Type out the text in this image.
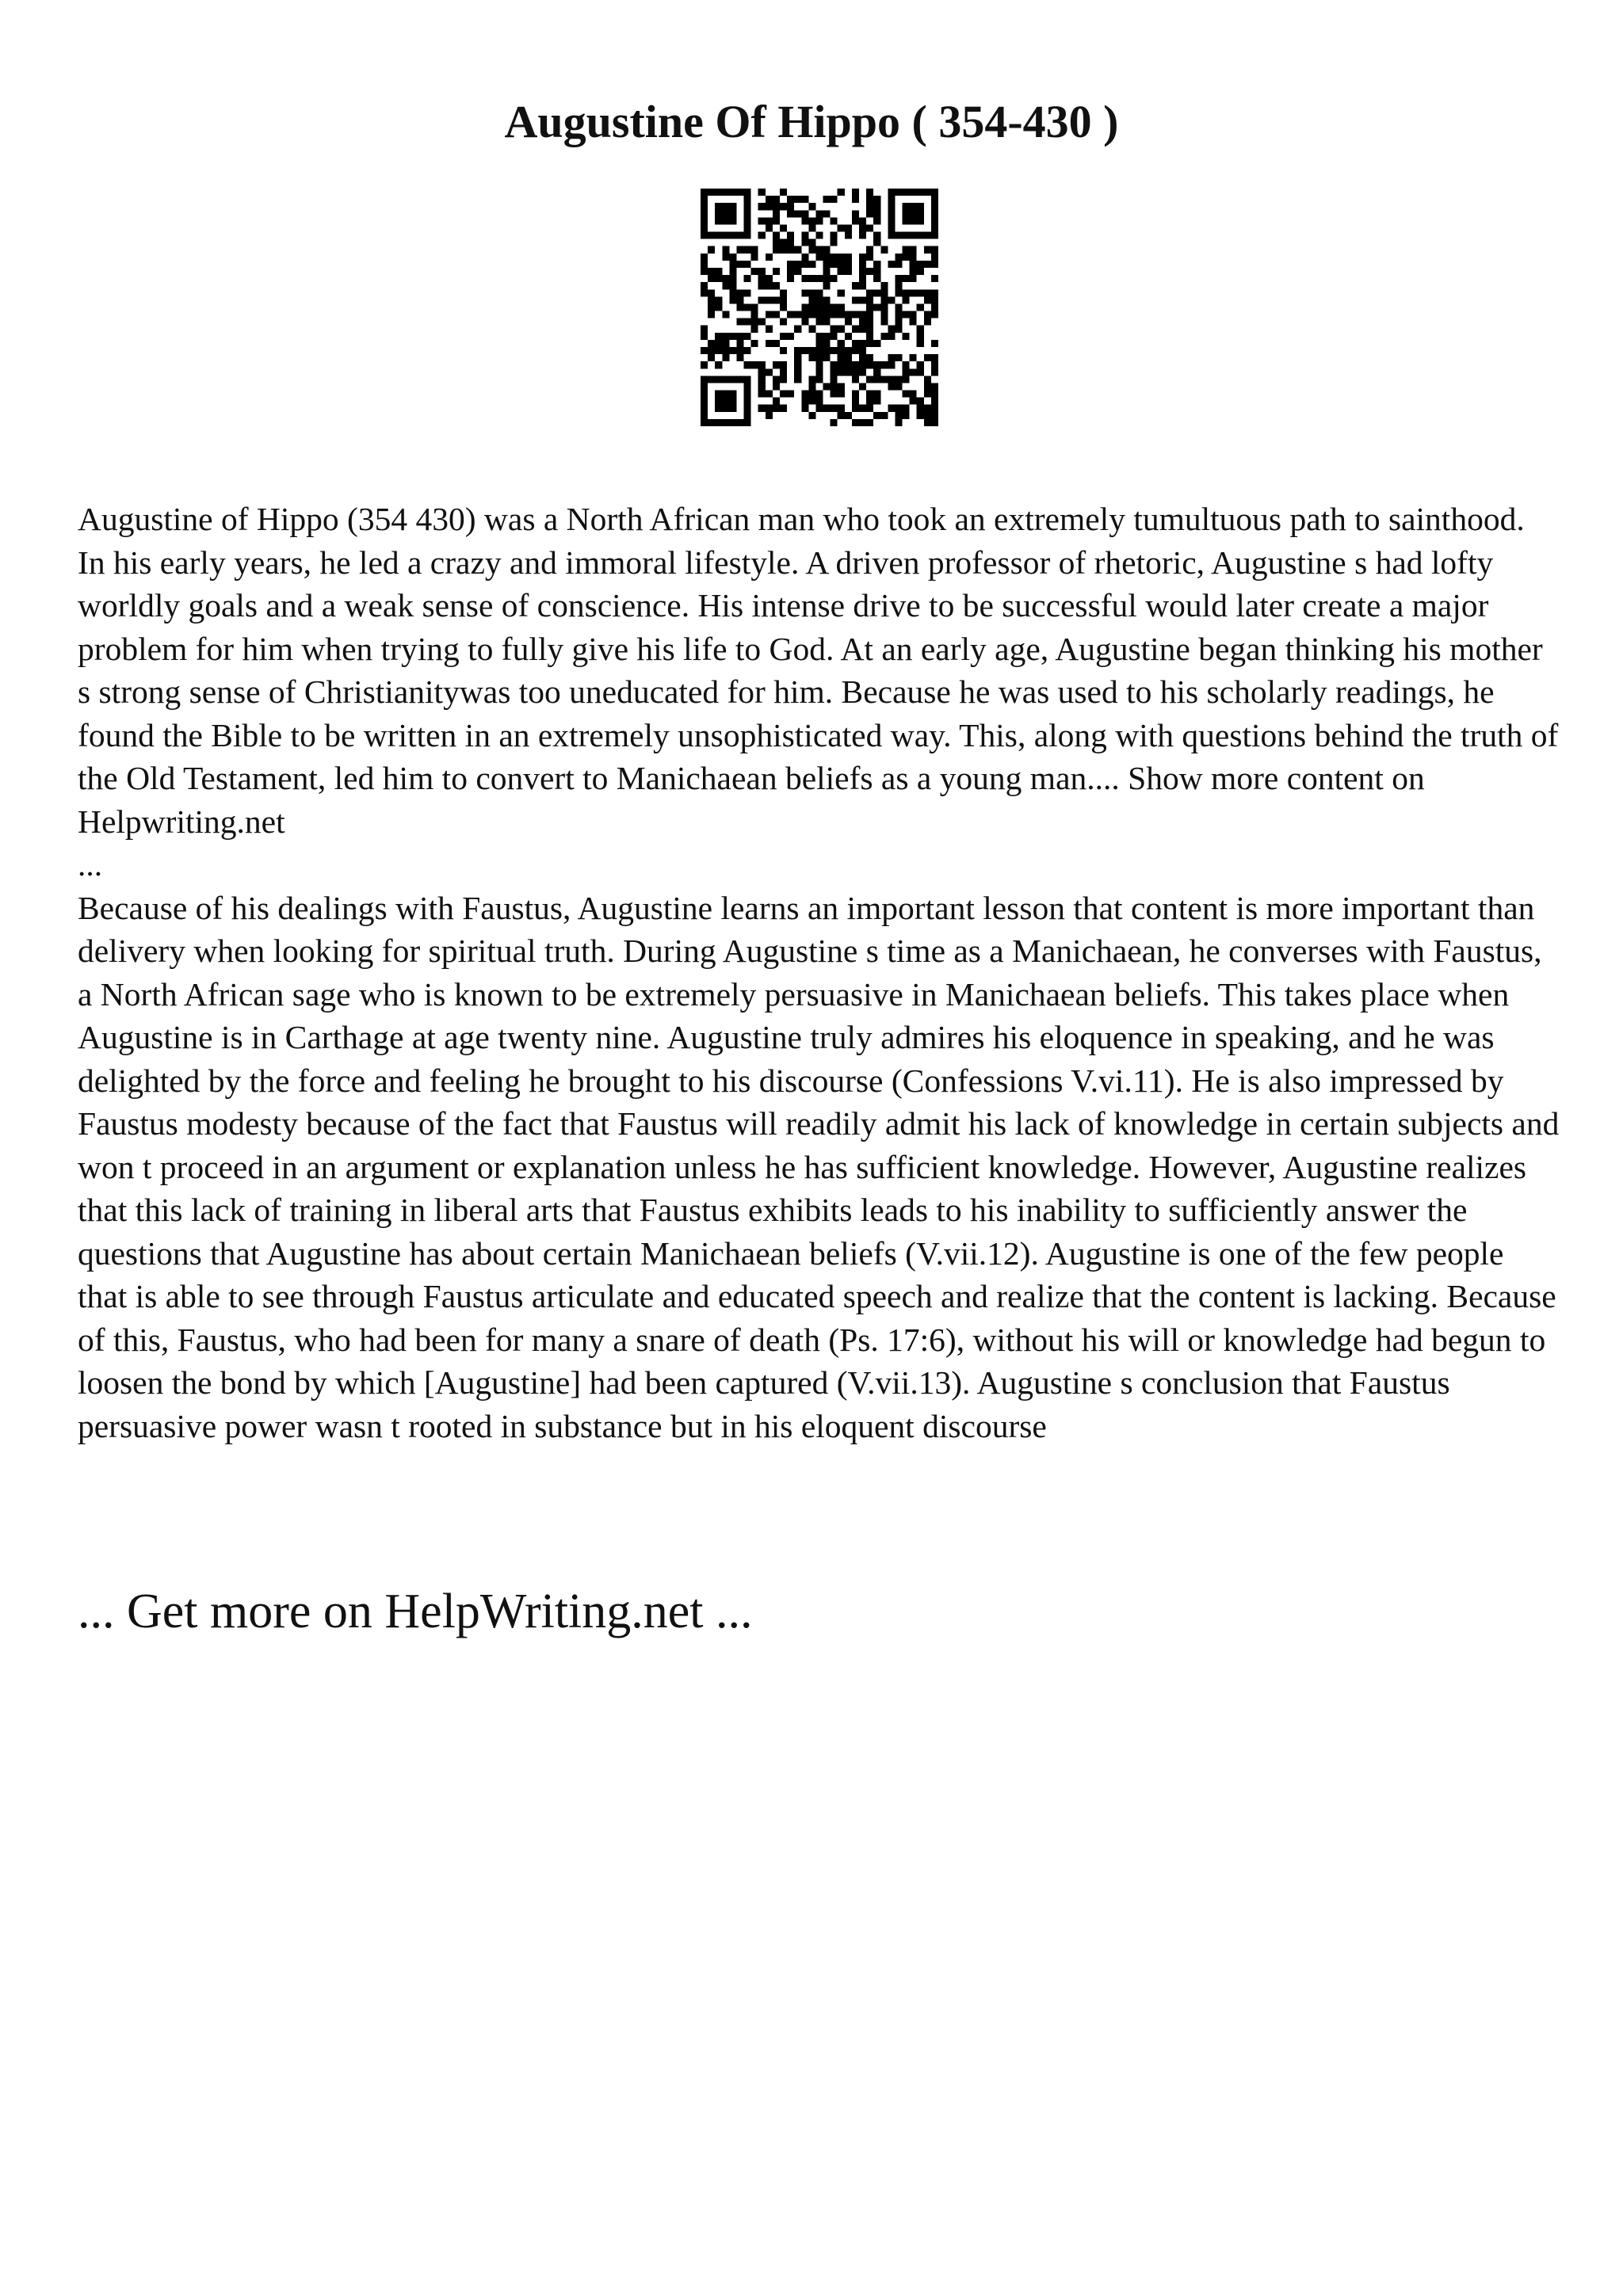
Augustine Of Hippo ( 354-430 )

Augustine of Hippo (354 430) was a North African man who took an extremely tumultuous path to sainthood. In his early years, he led a crazy and immoral lifestyle. A driven professor of rhetoric, Augustine s had lofty worldly goals and a weak sense of conscience. His intense drive to be successful would later create a major problem for him when trying to fully give his life to God. At an early age, Augustine began thinking his mother s strong sense of Christianitywas too uneducated for him. Because he was used to his scholarly readings, he found the Bible to be written in an extremely unsophisticated way. This, along with questions behind the truth of the Old Testament, led him to convert to Manichaean beliefs as a young man.... Show more content on Helpwriting.net

...

Because of his dealings with Faustus, Augustine learns an important lesson that content is more important than delivery when looking for spiritual truth. During Augustine s time as a Manichaean, he converses with Faustus, a North African sage who is known to be extremely persuasive in Manichaean beliefs. This takes place when Augustine is in Carthage at age twenty nine. Augustine truly admires his eloquence in speaking, and he was delighted by the force and feeling he brought to his discourse (Confessions V.vi.11). He is also impressed by Faustus modesty because of the fact that Faustus will readily admit his lack of knowledge in certain subjects and won t proceed in an argument or explanation unless he has sufficient knowledge. However, Augustine realizes that this lack of training in liberal arts that Faustus exhibits leads to his inability to sufficiently answer the questions that Augustine has about certain Manichaean beliefs (V.vii.12). Augustine is one of the few people that is able to see through Faustus articulate and educated speech and realize that the content is lacking. Because of this, Faustus, who had been for many a snare of death (Ps. 17:6), without his will or knowledge had begun to loosen the bond by which [Augustine] had been captured (V.vii.13). Augustine s conclusion that Faustus persuasive power wasn t rooted in substance but in his eloquent discourse

... Get more on HelpWriting.net ...
